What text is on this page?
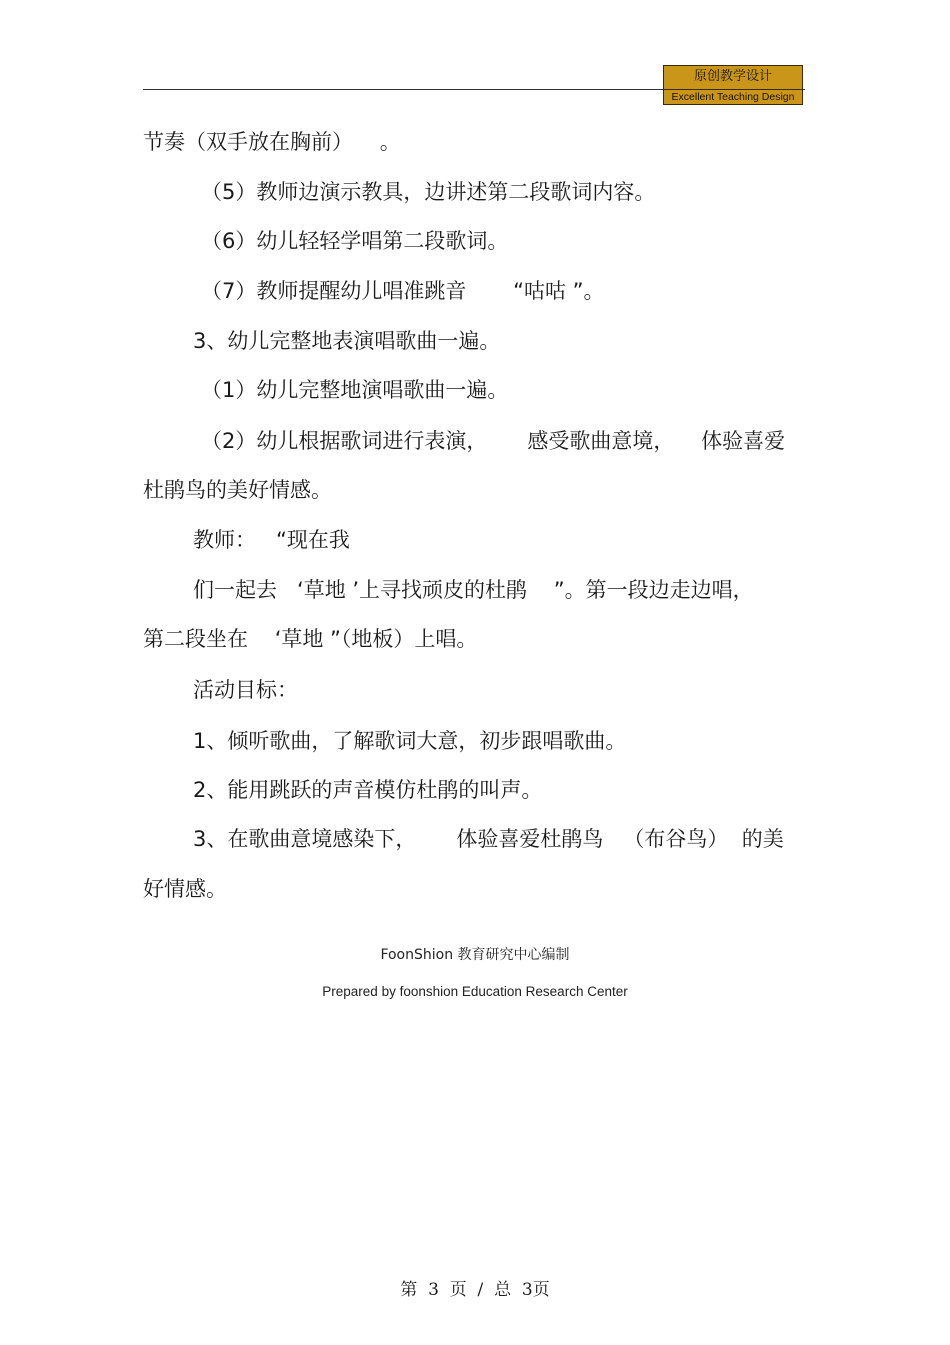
原创教学设计
Excellent Teaching Design
节奏（双手放在胸前）    。
（5）教师边演示教具，边讲述第二段歌词内容。
（6）幼儿轻轻学唱第二段歌词。
（7）教师提醒幼儿唱准跳音       “咕咕 ”。
3、幼儿完整地表演唱歌曲一遍。
（1）幼儿完整地演唱歌曲一遍。
（2）幼儿根据歌词进行表演，      感受歌曲意境，    体验喜爱
杜鹃鸟的美好情感。
教师：   “现在我
们一起去   ‘草地 ’上寻找顽皮的杜鹃    ”。第一段边走边唱，
第二段坐在    ‘草地 ”（地板）上唱。
活动目标：
1、倾听歌曲，了解歌词大意，初步跟唱歌曲。
2、能用跳跃的声音模仿杜鹃的叫声。
3、在歌曲意境感染下，      体验喜爱杜鹃鸟   （布谷鸟）  的美
好情感。
FoonShion 教育研究中心编制
Prepared by foonshion Education Research Center
第  3  页  /  总  3页
